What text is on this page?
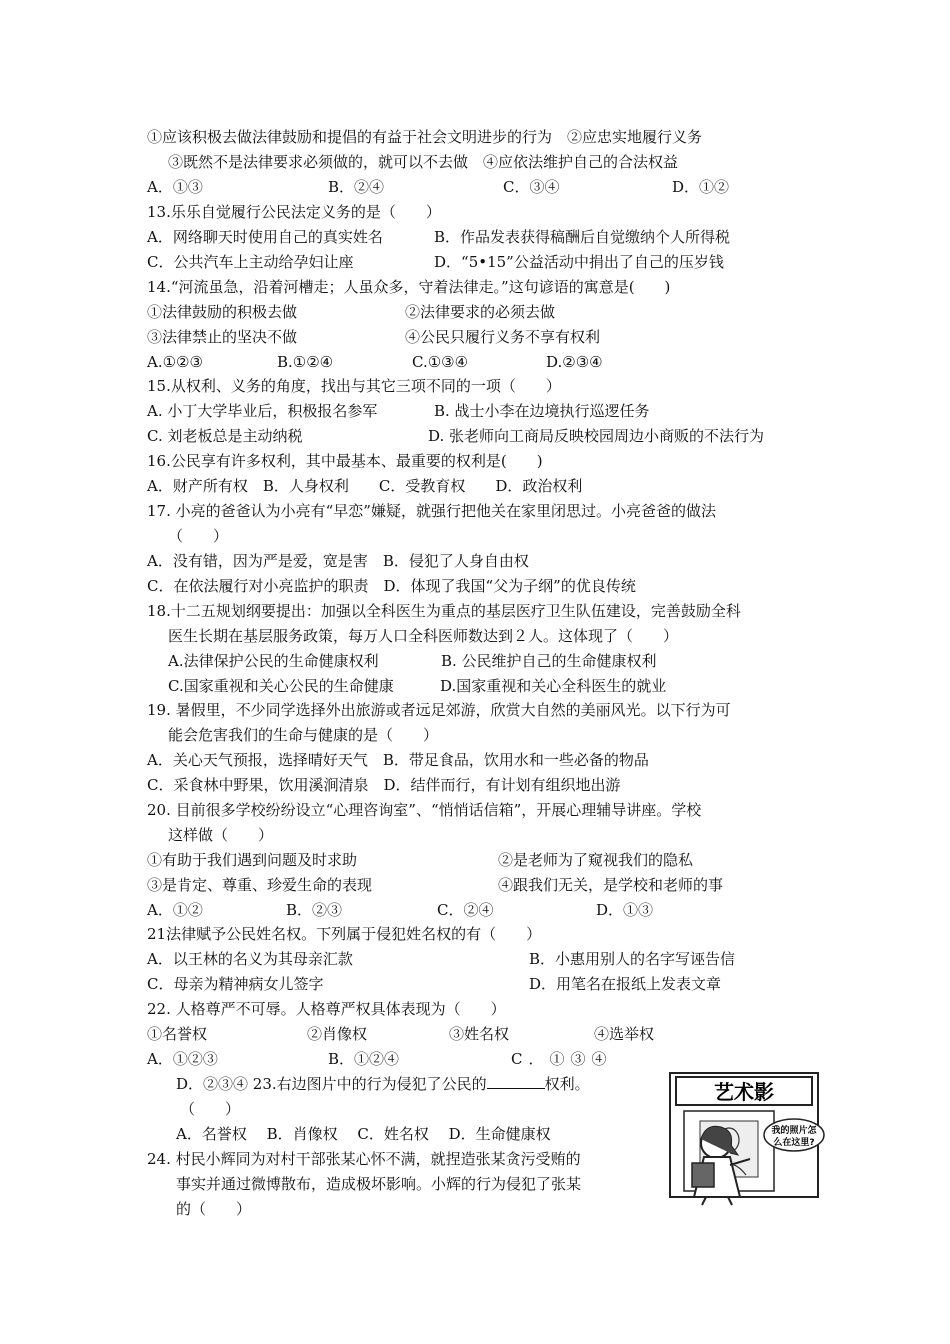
①应该积极去做法律鼓励和提倡的有益于社会文明进步的行为　②应忠实地履行义务
③既然不是法律要求必须做的，就可以不去做　④应依法维护自己的合法权益
A．①③	B．②④	C．③④	D．①②
13.乐乐自觉履行公民法定义务的是（　　）
A．网络聊天时使用自己的真实姓名	B．作品发表获得稿酬后自觉缴纳个人所得税
C．公共汽车上主动给孕妇让座	D．“5•15”公益活动中捐出了自己的压岁钱
14.“河流虽急，沿着河槽走；人虽众多，守着法律走。”这句谚语的寓意是(　　)
①法律鼓励的积极去做	②法律要求的必须去做
③法律禁止的坚决不做	④公民只履行义务不享有权利
A.①②③	B.①②④	C.①③④	D.②③④
15.从权利、义务的角度，找出与其它三项不同的一项（　　）
A. 小丁大学毕业后，积极报名参军	B. 战士小李在边境执行巡逻任务
C. 刘老板总是主动纳税	D. 张老师向工商局反映校园周边小商贩的不法行为
16.公民享有许多权利，其中最基本、最重要的权利是(　　)
A．财产所有权　B．人身权利　　C．受教育权　　D．政治权利
17. 小亮的爸爸认为小亮有“早恋”嫌疑，就强行把他关在家里闭思过。小亮爸爸的做法
（　　）
A．没有错，因为严是爱，宽是害　B．侵犯了人身自由权
C．在依法履行对小亮监护的职责　D．体现了我国“父为子纲”的优良传统
18.十二五规划纲要提出：加强以全科医生为重点的基层医疗卫生队伍建设，完善鼓励全科
医生长期在基层服务政策，每万人口全科医师数达到２人。这体现了（　　）
A.法律保护公民的生命健康权利	B. 公民维护自己的生命健康权利
C.国家重视和关心公民的生命健康	D.国家重视和关心全科医生的就业
19. 暑假里，不少同学选择外出旅游或者远足郊游，欣赏大自然的美丽风光。以下行为可
能会危害我们的生命与健康的是（　　）
A．关心天气预报，选择晴好天气　B．带足食品，饮用水和一些必备的物品
C．采食林中野果，饮用溪涧清泉　D．结伴而行，有计划有组织地出游
20. 目前很多学校纷纷设立“心理咨询室”、“悄悄话信箱”，开展心理辅导讲座。学校
这样做（　　）
①有助于我们遇到问题及时求助	②是老师为了窥视我们的隐私
③是肯定、尊重、珍爱生命的表现	④跟我们无关，是学校和老师的事
A．①②	B．②③	C．②④	D．①③
21法律赋予公民姓名权。下列属于侵犯姓名权的有（　　）
A．以王林的名义为其母亲汇款	B．小惠用别人的名字写诬告信
C．母亲为精神病女儿签字	D．用笔名在报纸上发表文章
22. 人格尊严不可辱。人格尊严权具体表现为（　　）
①名誉权	②肖像权	③姓名权	④选举权
A．①②③	B．①②④	C．①③④
D．②③④ 23.右边图片中的行为侵犯了公民的	权利。
（　　）
A．名誉权　 B．肖像权　 C．姓名权　 D．生命健康权
24. 村民小辉同为对村干部张某心怀不满，就捏造张某贪污受贿的
事实并通过微博散布，造成极坏影响。小辉的行为侵犯了张某
的（　　）
艺术影
我的照片怎
么在这里?
